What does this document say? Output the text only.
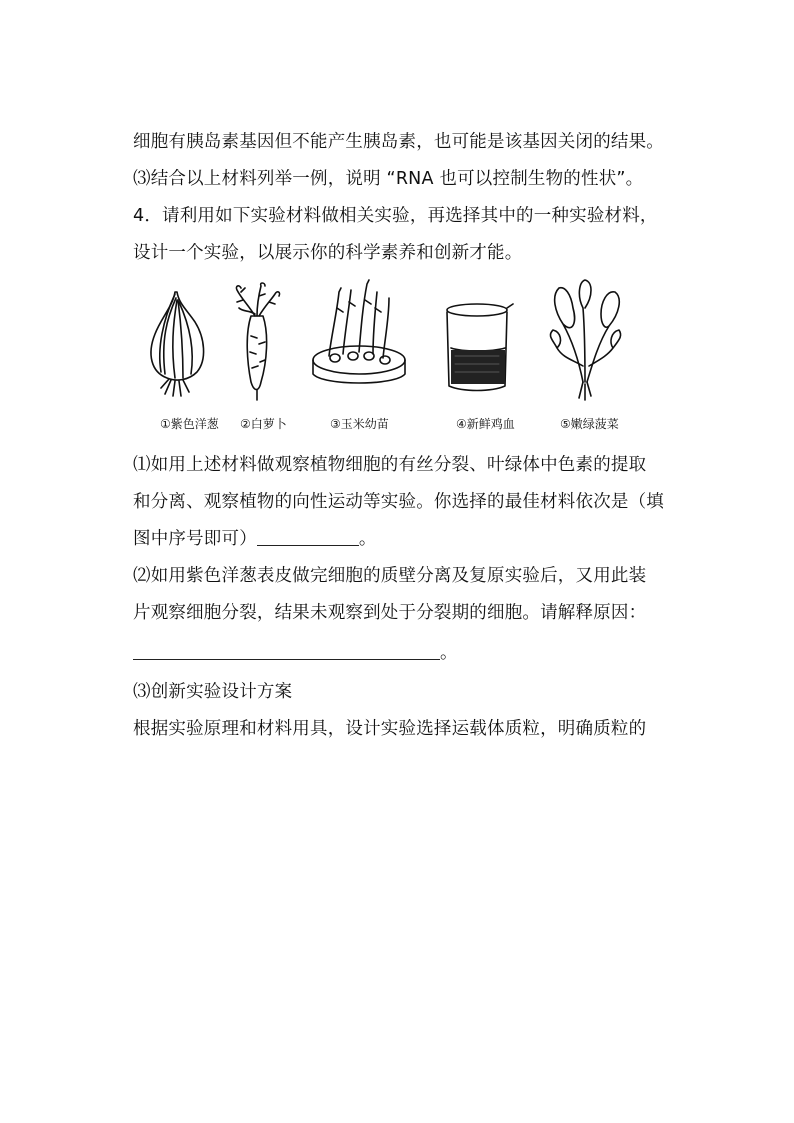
细胞有胰岛素基因但不能产生胰岛素，也可能是该基因关闭的结果。
⑶结合以上材料列举一例，说明 “RNA 也可以控制生物的性状”。
4．请利用如下实验材料做相关实验，再选择其中的一种实验材料，
设计一个实验，以展示你的科学素养和创新才能。
①紫色洋葱 ②白萝卜	③玉米幼苗	④新鲜鸡血	⑤嫩绿菠菜
⑴如用上述材料做观察植物细胞的有丝分裂、叶绿体中色素的提取
和分离、观察植物的向性运动等实验。你选择的最佳材料依次是（填
图中序号即可）	。
⑵如用紫色洋葱表皮做完细胞的质壁分离及复原实验后，又用此装
片观察细胞分裂，结果未观察到处于分裂期的细胞。请解释原因：
。
⑶创新实验设计方案
根据实验原理和材料用具，设计实验选择运载体质粒，明确质粒的
